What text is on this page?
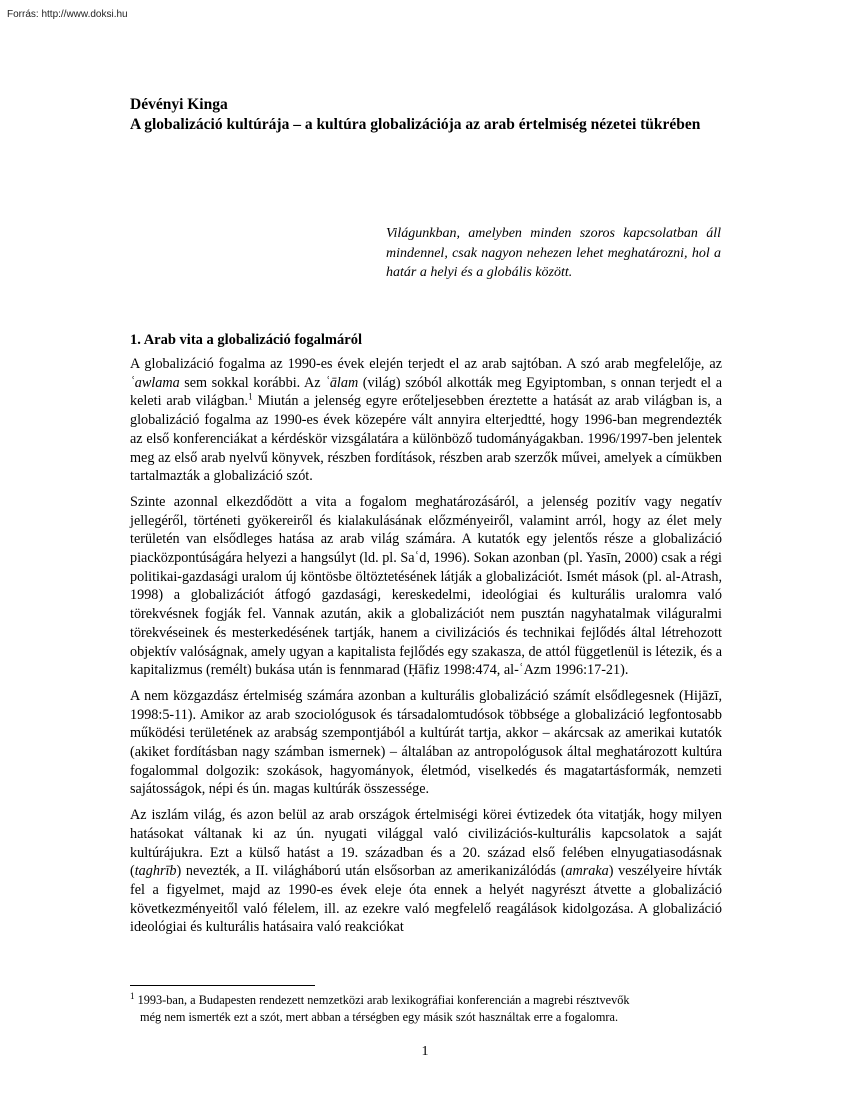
Forrás: http://www.doksi.hu
Dévényi Kinga
A globalizáció kultúrája – a kultúra globalizációja az arab értelmiség nézetei tükrében
Világunkban, amelyben minden szoros kapcsolatban áll mindennel, csak nagyon nehezen lehet meghatározni, hol a határ a helyi és a globális között.
1. Arab vita a globalizáció fogalmáról

A globalizáció fogalma az 1990-es évek elején terjedt el az arab sajtóban. A szó arab megfelelője, az ʿawlama sem sokkal korábbi. Az ʿālam (világ) szóból alkották meg Egyiptomban, s onnan terjedt el a keleti arab világban.$^1$ Miután a jelenség egyre erőteljesebben éreztette a hatását az arab világban is, a globalizáció fogalma az 1990-es évek közepére vált annyira elterjedtté, hogy 1996-ban megrendezték az első konferenciákat a kérdéskör vizsgálatára a különböző tudományágakban. 1996/1997-ben jelentek meg az első arab nyelvű könyvek, részben fordítások, részben arab szerzők művei, amelyek a címükben tartalmazták a globalizáció szót.

Szinte azonnal elkezdődött a vita a fogalom meghatározásáról, a jelenség pozitív vagy negatív jellegéről, történeti gyökereiről és kialakulásának előzményeiről, valamint arról, hogy az élet mely területén van elsődleges hatása az arab világ számára. A kutatók egy jelentős része a globalizáció piacközpontúságára helyezi a hangsúlyt (ld. pl. Saʿd, 1996). Sokan azonban (pl. Yasīn, 2000) csak a régi politikai-gazdasági uralom új köntösbe öltöztetésének látják a globalizációt. Ismét mások (pl. al-Atrash, 1998) a globalizációt átfogó gazdasági, kereskedelmi, ideológiai és kulturális uralomra való törekvésnek fogják fel. Vannak azután, akik a globalizációt nem pusztán nagyhatalmak világuralmi törekvéseinek és mesterkedésének tartják, hanem a civilizációs és technikai fejlődés által létrehozott objektív valóságnak, amely ugyan a kapitalista fejlődés egy szakasza, de attól függetlenül is létezik, és a kapitalizmus (remélt) bukása után is fennmarad (Ḥāfiz 1998:474, al-ʿAzm 1996:17-21).

A nem közgazdász értelmiség számára azonban a kulturális globalizáció számít elsődlegesnek (Hijāzī, 1998:5-11). Amikor az arab szociológusok és társadalomtudósok többsége a globalizáció legfontosabb működési területének az arabság szempontjából a kultúrát tartja, akkor – akárcsak az amerikai kutatók (akiket fordításban nagy számban ismernek) – általában az antropológusok által meghatározott kultúra fogalommal dolgozik: szokások, hagyományok, életmód, viselkedés és magatartásformák, nemzeti sajátosságok, népi és ún. magas kultúrák összessége.

Az iszlám világ, és azon belül az arab országok értelmiségi körei évtizedek óta vitatják, hogy milyen hatásokat váltanak ki az ún. nyugati világgal való civilizációs-kulturális kapcsolatok a saját kultúrájukra. Ezt a külső hatást a 19. században és a 20. század első felében elnyugatiasodásnak (taghrīb) nevezték, a II. világháború után elsősorban az amerikanizálódás (amraka) veszélyeire hívták fel a figyelmet, majd az 1990-es évek eleje óta ennek a helyét nagyrészt átvette a globalizáció következményeitől való félelem, ill. az ezekre való megfelelő reagálások kidolgozása. A globalizáció ideológiai és kulturális hatásaira való reakciókat

$^1$ 1993-ban, a Budapesten rendezett nemzetközi arab lexikográfiai konferencián a magrebi résztvevők
még nem ismerték ezt a szót, mert abban a térségben egy másik szót használtak erre a fogalomra.
1
